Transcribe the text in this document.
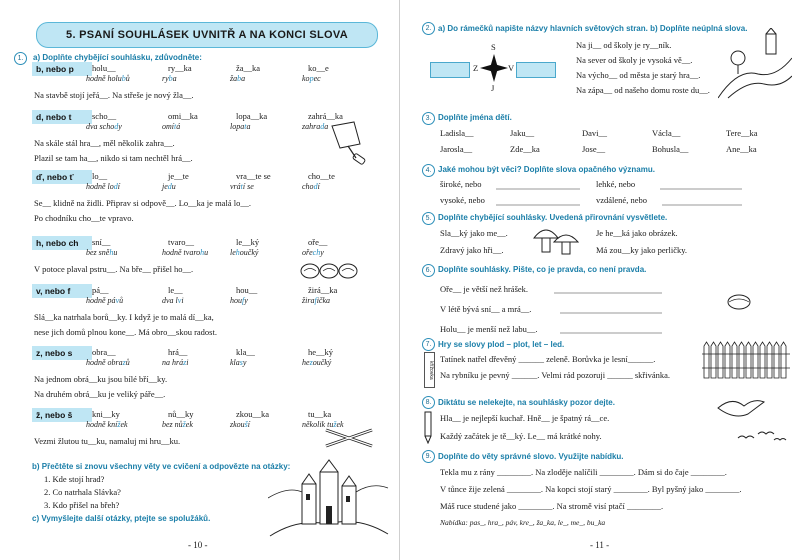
5. PSANÍ SOUHLÁSEK UVNITŘ A NA KONCI SLOVA
1.	a) Doplňte chybějící souhlásku, zdůvodněte:
b, nebo p	holu__	ry__ka	ža__ka	ko__e
hodně holubů	ryba	žaba	kopec
Na stavbě stojí jeřá__. Na střeše je nový žla__.
d, nebo t	scho__	omi__ka	lopa__ka	zahrá__ka
dva schody	omítá	lopata	zahrada
Na skále stál hra__, měl několik zahra__.
Plazil se tam ha__, nikdo si tam nechtěl hrá__.
ď, nebo ť	lo__	je__te	vra__te se	cho__te
hodně lodí	jedu	vrátí se	chodí
Se__ klidně na židli. Připrav si odpově__. Lo__ka je malá lo__.
Po chodníku cho__te vpravo.
h, nebo ch	sní__	tvaro__	le__ký	oře__
bez sněhu	hodně tvarohu	lehoučký	ořechy
V potoce plaval pstru__. Na bře__ přišel ho__.
v, nebo f	pá__	le__	hou__	žirá__ka
hodně pávů	dva lvi	houfy	žirafička
Slá__ka natrhala borů__ky. I když je to malá dí__ka,
nese jich domů plnou kone__. Má obro__skou radost.
z, nebo s	obra__	hrá__	kla__	he__ký
hodně obrazů	na hrázi	klasy	hezoučký
Na jednom obrá__ku jsou bílé bří__ky.
Na druhém obrá__ku je veliký páře__.
ž, nebo š	kni__ky	nů__ky	zkou__ka	tu__ka
hodně knížek	bez nůžek	zkouší	několik tužek
Vezmi žlutou tu__ku, namaluj mi hru__ku.
b) Přečtěte si znovu všechny věty ve cvičení a odpovězte na otázky:
1. Kde stojí hrad?
2. Co natrhala Slávka?
3. Kdo přišel na břeh?
c) Vymyšlejte další otázky, ptejte se spolužáků.
- 10 -
2. a) Do rámečků napište názvy hlavních světových stran. b) Doplňte neúplná slova.
S
Z	V
J
Na ji__ od školy je ry__ník.
Na sever od školy je vysoká vě__.
Na výcho__ od města je starý hra__.
Na zápa__ od našeho domu roste du__.
3. Doplňte jména dětí.
Ladisla__	Jaku__	Davi__	Václa__	Tere__ka
Jarosla__	Zde__ka	Jose__	Bohusla__	Ane__ka
4. Jaké mohou být věci? Doplňte slova opačného významu.
široké, nebo
vysoké, nebo
lehké, nebo
vzdálené, nebo
5. Doplňte chybějící souhlásky. Uvedená přirovnání vysvětlete.
Sla__ký jako me__.
Zdravý jako hři__.
Je he__ká jako obrázek.
Má zou__ky jako perličky.
6. Doplňte souhlásky. Pište, co je pravda, co není pravda.
Oře__ je větší než hrášek.
V létě bývá sní__ a mrá__.
Holu__ je menší než labu__.
7.
křížovka
Hry se slovy plod – plot, let – led.
Tatínek natřel dřevěný ______ zeleně. Borůvka je lesní______.
Na rybníku je pevný ______. Velmi rád pozoruji ______ skřivánka.
8. Diktátu se nelekejte, na souhlásky pozor dejte.
Hla__ je nejlepší kuchař. Hně__ je špatný rá__ce.
Každý začátek je tě__ký. Le__ má krátké nohy.
9. Doplňte do věty správné slovo. Využijte nabídku.
Tekla mu z rány ________. Na zloděje nalíčili ________. Dám si do čaje ________.
V tůnce žije zelená ________. Na kopci stojí starý ________. Byl pyšný jako ________.
Máš ruce studené jako ________. Na stromě visí ptačí ________.
Nabídka: pas_, hra_, páv, kre_, ža_ka, le_, me_, bu_ka
- 11 -
